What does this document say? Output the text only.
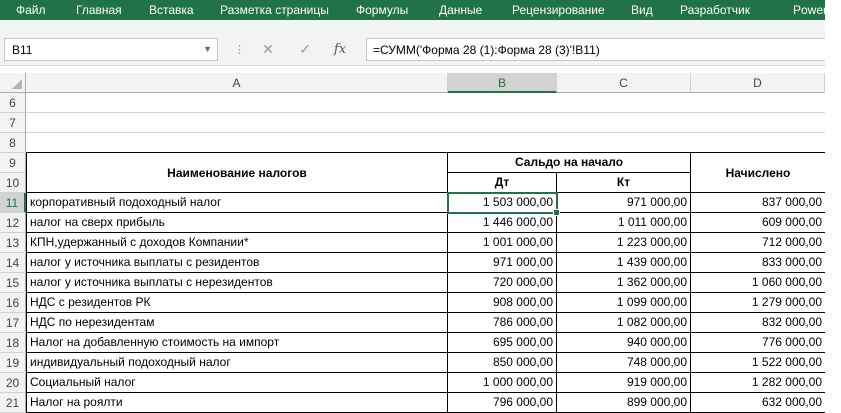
Файл	Главная Вставка Разметка страницы Формулы	Данные Рецензирование Вид Разработчик	Power Pi
B11	▼ ⋮	✕	✓	fx	=СУММ('Форма 28 (1):Форма 28 (3)'!B11)
A	B	C	D
6
7
8
9
10
Наименование налогов
Сальдо на начало
Дт	Кт
Начислено
11 корпоративный подоходный налог	1 503 000,00	971 000,00	837 000,00
12 налог на сверх прибыль	1 446 000,00	1 011 000,00	609 000,00
13 КПН,удержанный с доходов Компании*	1 001 000,00	1 223 000,00	712 000,00
14 налог у источника выплаты с резидентов	971 000,00	1 439 000,00	833 000,00
15 налог у источника выплаты с нерезидентов	720 000,00	1 362 000,00	1 060 000,00
16 НДС с резидентов РК	908 000,00	1 099 000,00	1 279 000,00
17 НДС по нерезидентам	786 000,00	1 082 000,00	832 000,00
18 Налог на добавленную стоимость на импорт	695 000,00	940 000,00	776 000,00
19 индивидуальный подоходный налог	850 000,00	748 000,00	1 522 000,00
20 Социальный налог	1 000 000,00	919 000,00	1 282 000,00
21 Налог на роялти	796 000,00	899 000,00	632 000,00
